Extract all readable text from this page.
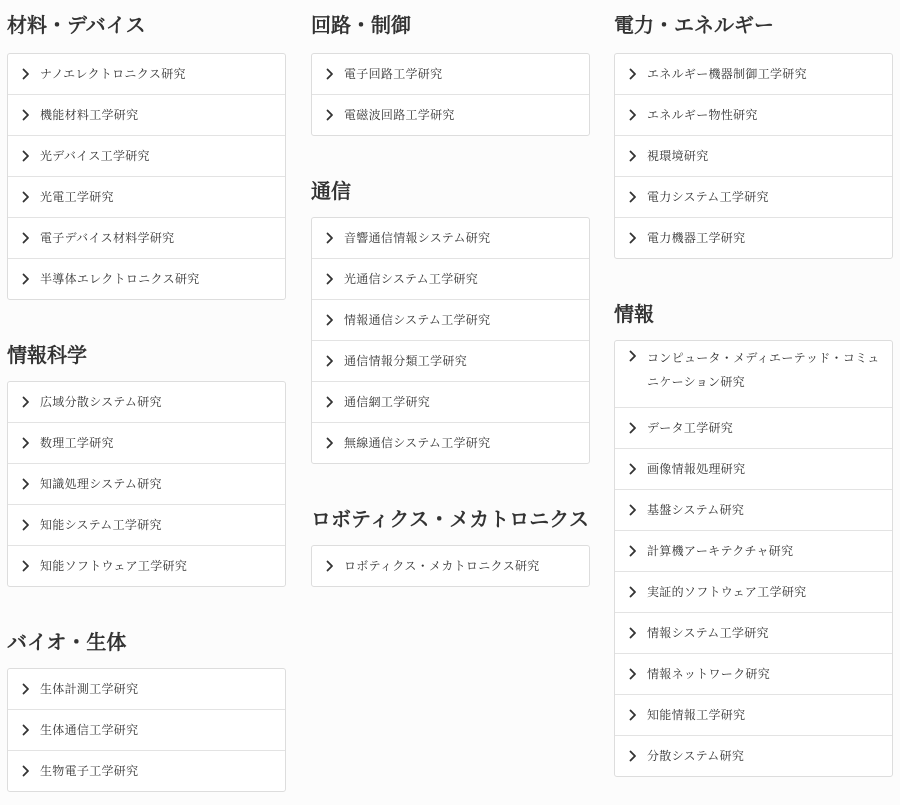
材料・デバイス
ナノエレクトロニクス研究
機能材料工学研究
光デバイス工学研究
光電工学研究
電子デバイス材料学研究
半導体エレクトロニクス研究
情報科学
広域分散システム研究
数理工学研究
知識処理システム研究
知能システム工学研究
知能ソフトウェア工学研究
バイオ・生体
生体計測工学研究
生体通信工学研究
生物電子工学研究
回路・制御
電子回路工学研究
電磁波回路工学研究
通信
音響通信情報システム研究
光通信システム工学研究
情報通信システム工学研究
通信情報分類工学研究
通信網工学研究
無線通信システム工学研究
ロボティクス・メカトロニクス
ロボティクス・メカトロニクス研究
電力・エネルギー
エネルギー機器制御工学研究
エネルギー物性研究
視環境研究
電力システム工学研究
電力機器工学研究
情報
コンピュータ・メディエーテッド・コミュニケーション研究
データ工学研究
画像情報処理研究
基盤システム研究
計算機アーキテクチャ研究
実証的ソフトウェア工学研究
情報システム工学研究
情報ネットワーク研究
知能情報工学研究
分散システム研究
